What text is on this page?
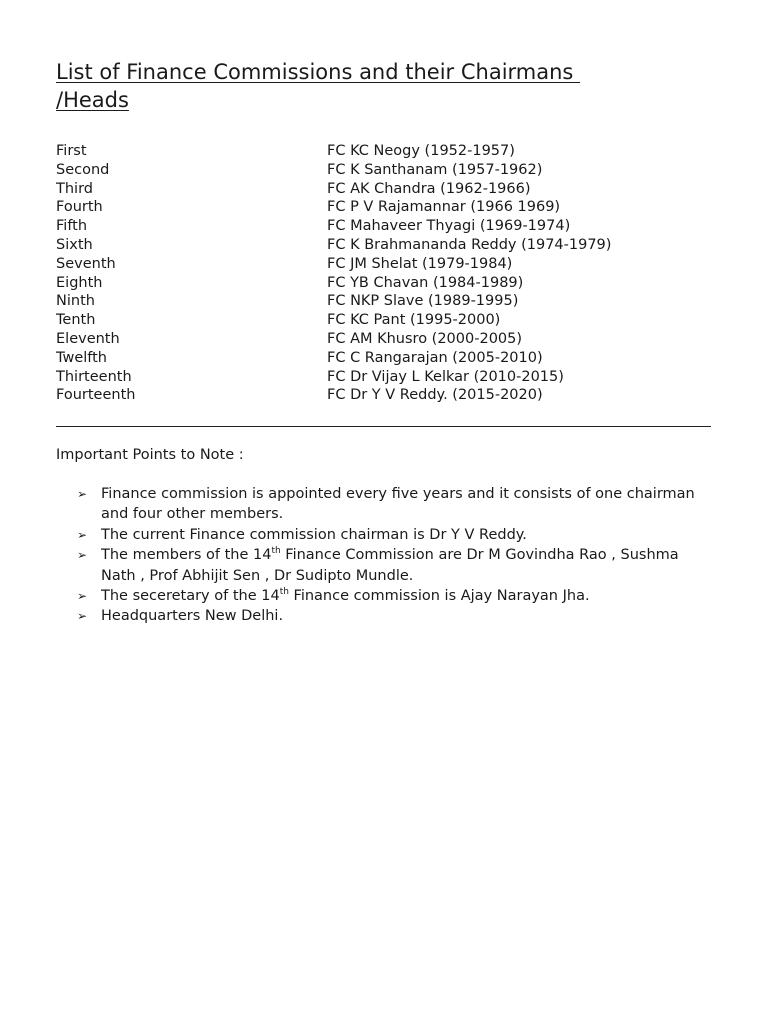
List of Finance Commissions and their Chairmans
/Heads
First	FC KC Neogy (1952-1957)
Second	FC K Santhanam (1957-1962)
Third	FC AK Chandra (1962-1966)
Fourth	FC P V Rajamannar (1966 1969)
Fifth	FC Mahaveer Thyagi (1969-1974)
Sixth	FC K Brahmananda Reddy (1974-1979)
Seventh	FC JM Shelat (1979-1984)
Eighth	FC YB Chavan (1984-1989)
Ninth	FC NKP Slave (1989-1995)
Tenth	FC KC Pant (1995-2000)
Eleventh	FC AM Khusro (2000-2005)
Twelfth	FC C Rangarajan (2005-2010)
Thirteenth	FC Dr Vijay L Kelkar (2010-2015)
Fourteenth	FC Dr Y V Reddy. (2015-2020)
Important Points to Note :
➢ Finance commission is appointed every five years and it consists of one chairman and four other members.
➢ The current Finance commission chairman is Dr Y V Reddy.
➢ The members of the 14th Finance Commission are Dr M Govindha Rao , Sushma Nath , Prof Abhijit Sen , Dr Sudipto Mundle.
➢ The seceretary of the 14th Finance commission is Ajay Narayan Jha.
➢ Headquarters New Delhi.
